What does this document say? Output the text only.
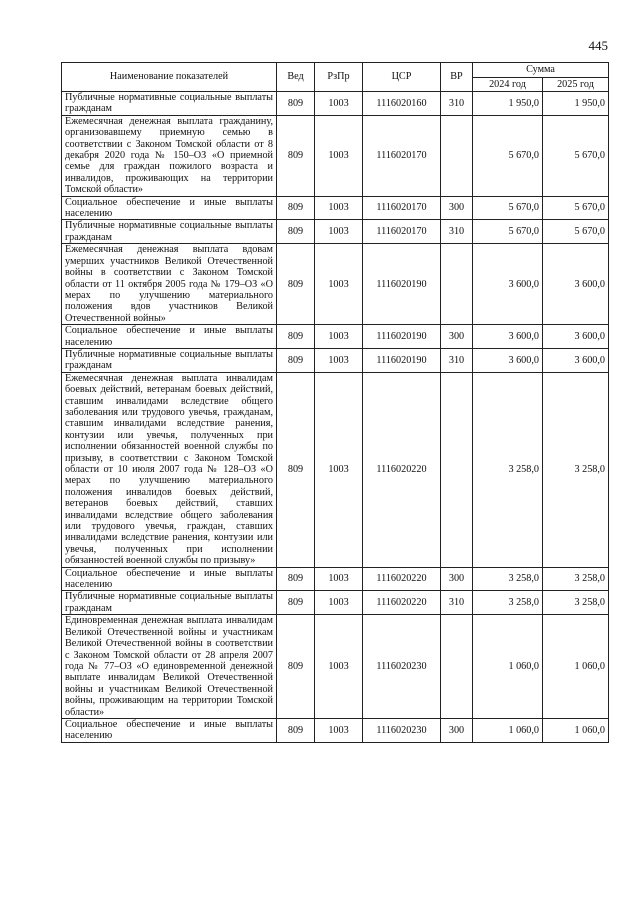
445
Наименование показателей	Вед	РзПр	ЦСР	ВР	Сумма	
					2024 год	2025 год
Публичные нормативные социальные выплаты гражданам	809	1003	1116020160	310	1 950,0	1 950,0
Ежемесячная денежная выплата гражданину, организовавшему приемную семью в соответствии с Законом Томской области от 8 декабря 2020 года № 150–ОЗ «О приемной семье для граждан пожилого возраста и инвалидов, проживающих на территории Томской области»	809	1003	1116020170		5 670,0	5 670,0
Социальное обеспечение и иные выплаты населению	809	1003	1116020170	300	5 670,0	5 670,0
Публичные нормативные социальные выплаты гражданам	809	1003	1116020170	310	5 670,0	5 670,0
Ежемесячная денежная выплата вдовам умерших участников Великой Отечественной войны в соответствии с Законом Томской области от 11 октября 2005 года № 179–ОЗ «О мерах по улучшению материального положения вдов участников Великой Отечественной войны»	809	1003	1116020190		3 600,0	3 600,0
Социальное обеспечение и иные выплаты населению	809	1003	1116020190	300	3 600,0	3 600,0
Публичные нормативные социальные выплаты гражданам	809	1003	1116020190	310	3 600,0	3 600,0
Ежемесячная денежная выплата инвалидам боевых действий, ветеранам боевых действий, ставшим инвалидами вследствие общего заболевания или трудового увечья, гражданам, ставшим инвалидами вследствие ранения, контузии или увечья, полученных при исполнении обязанностей военной службы по призыву, в соответствии с Законом Томской области от 10 июля 2007 года № 128–ОЗ «О мерах по улучшению материального положения инвалидов боевых действий, ветеранов боевых действий, ставших инвалидами вследствие общего заболевания или трудового увечья, граждан, ставших инвалидами вследствие ранения, контузии или увечья, полученных при исполнении обязанностей военной службы по призыву»	809	1003	1116020220		3 258,0	3 258,0
Социальное обеспечение и иные выплаты населению	809	1003	1116020220	300	3 258,0	3 258,0
Публичные нормативные социальные выплаты гражданам	809	1003	1116020220	310	3 258,0	3 258,0
Единовременная денежная выплата инвалидам Великой Отечественной войны и участникам Великой Отечественной войны в соответствии с Законом Томской области от 28 апреля 2007 года № 77–ОЗ «О единовременной денежной выплате инвалидам Великой Отечественной войны и участникам Великой Отечественной войны, проживающим на территории Томской области»	809	1003	1116020230		1 060,0	1 060,0
Социальное обеспечение и иные выплаты населению	809	1003	1116020230	300	1 060,0	1 060,0
